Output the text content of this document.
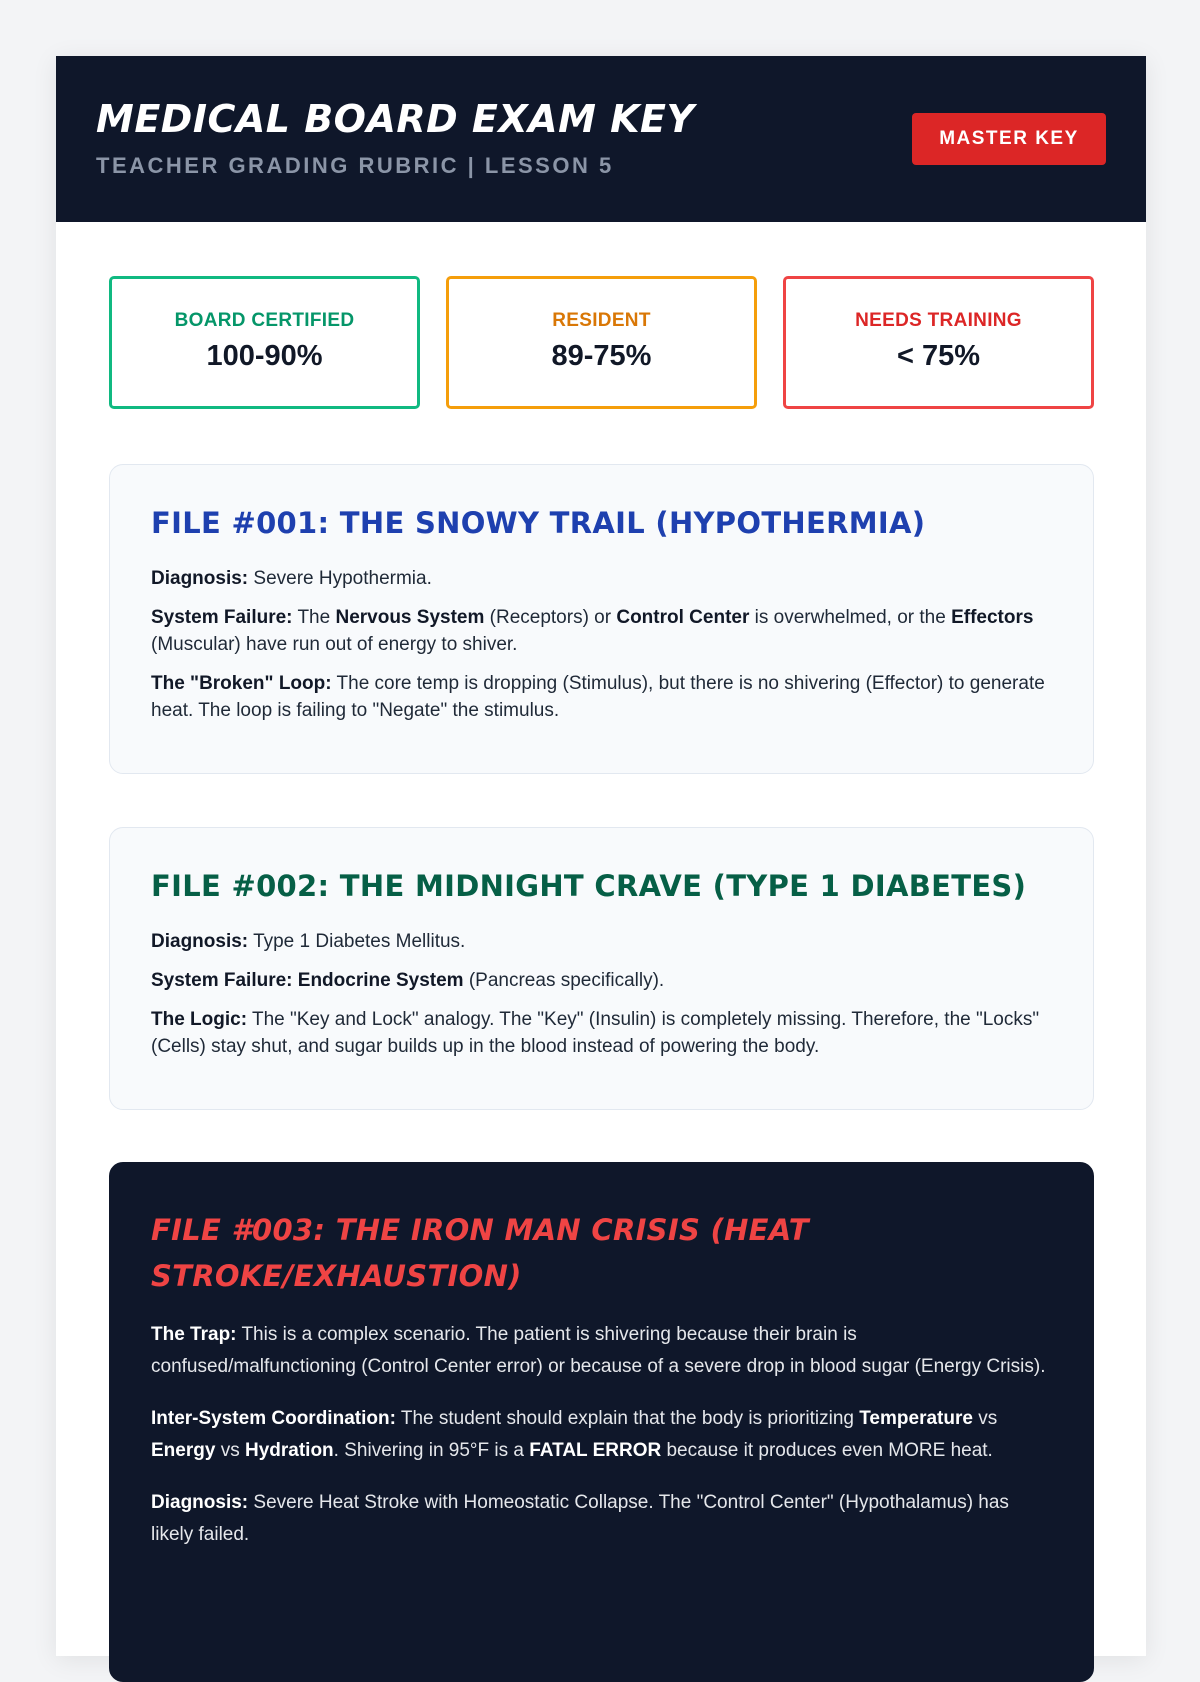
MEDICAL BOARD EXAM KEY
TEACHER GRADING RUBRIC | LESSON 5
MASTER KEY
BOARD CERTIFIED
100-90%
RESIDENT
89-75%
NEEDS TRAINING
< 75%
FILE #001: THE SNOWY TRAIL (HYPOTHERMIA)

Diagnosis: Severe Hypothermia.

System Failure: The Nervous System (Receptors) or Control Center is overwhelmed, or the Effectors (Muscular) have run out of energy to shiver.

The "Broken" Loop: The core temp is dropping (Stimulus), but there is no shivering (Effector) to generate heat. The loop is failing to "Negate" the stimulus.

FILE #002: THE MIDNIGHT CRAVE (TYPE 1 DIABETES)

Diagnosis: Type 1 Diabetes Mellitus.

System Failure: Endocrine System (Pancreas specifically).

The Logic: The "Key and Lock" analogy. The "Key" (Insulin) is completely missing. Therefore, the "Locks" (Cells) stay shut, and sugar builds up in the blood instead of powering the body.

FILE #003: THE IRON MAN CRISIS (HEAT STROKE/EXHAUSTION)

The Trap: This is a complex scenario. The patient is shivering because their brain is confused/malfunctioning (Control Center error) or because of a severe drop in blood sugar (Energy Crisis).

Inter-System Coordination: The student should explain that the body is prioritizing Temperature vs Energy vs Hydration. Shivering in 95°F is a FATAL ERROR because it produces even MORE heat.

Diagnosis: Severe Heat Stroke with Homeostatic Collapse. The "Control Center" (Hypothalamus) has likely failed.
